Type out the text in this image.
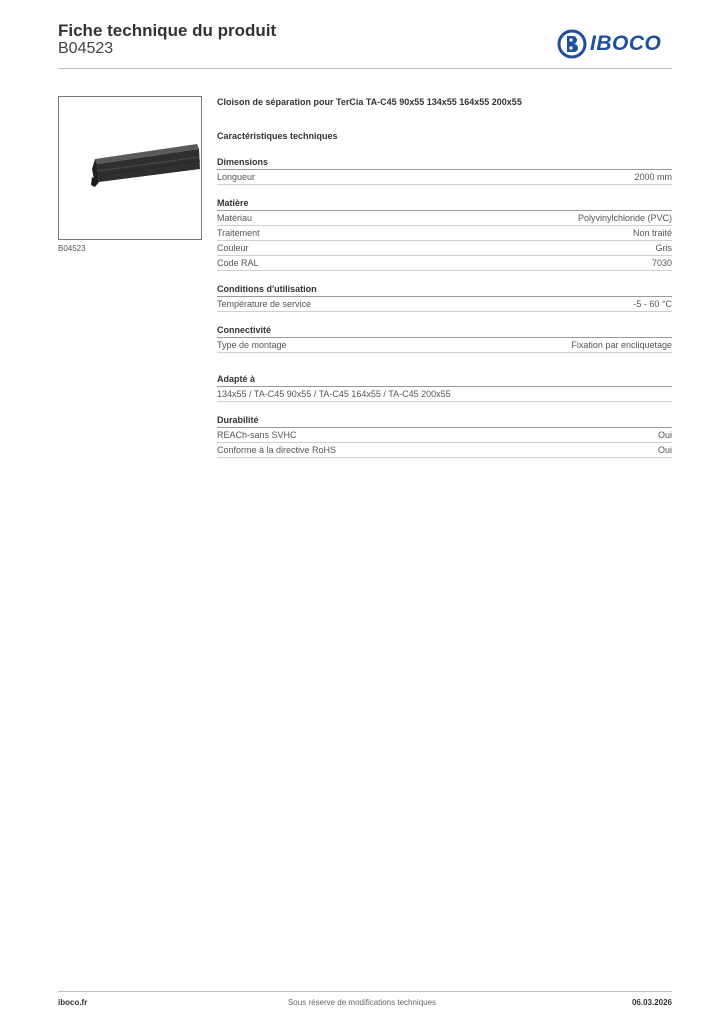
Fiche technique du produit
B04523	IBOCO
B04523
Cloison de séparation pour TerCia TA-C45 90x55 134x55 164x55 200x55
Caractéristiques techniques
Dimensions
Longueur	2000 mm
Matière
Matériau	Polyvinylchloride (PVC)
Traitement	Non traité
Couleur	Gris
Code RAL	7030
Conditions d'utilisation
Température de service	-5 - 60 °C
Connectivité
Type de montage	Fixation par encliquetage
Adapté à
134x55 / TA-C45 90x55 / TA-C45 164x55 / TA-C45 200x55
Durabilité
REACh-sans SVHC	Oui
Conforme à la directive RoHS	Oui
iboco.fr	Sous réserve de modifications techniques	06.03.2026
